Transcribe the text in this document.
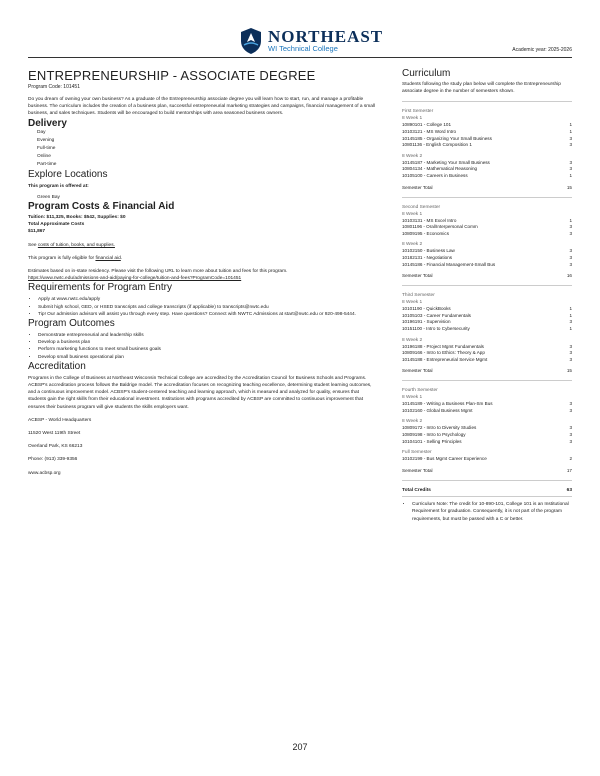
NORTHEAST
WI Technical College	Academic year: 2025-2026
ENTREPRENEURSHIP - ASSOCIATE DEGREE
Program Code: 101451

Do you dream of owning your own business? As a graduate of the Entrepreneurship associate degree you will learn how to start, run, and manage a profitable business. The curriculum includes the creation of a business plan, successful entrepreneurial marketing strategies and campaigns, financial management of a small business, and sales techniques. Students will be encouraged to build mentorships with area seasoned business owners.

Delivery
Day
Evening
Full-time
Online
Part-time
Explore Locations

This program is offered at:

Green Bay

Program Costs & Financial Aid

Tuition: $11,325, Books: $542, Supplies: $0

Total Approximate Costs

$11,867

See costs of tuition, books, and supplies.

This program is fully eligible for financial aid.

Estimates based on in-state residency. Please visit the following URL to learn more about tuition and fees for this program.

https://www.nwtc.edu/admissions-and-aid/paying-for-college/tuition-and-fees?ProgramCode=101451

Requirements for Program Entry
• Apply at www.nwtc.edu/apply
• Submit high school, GED, or HSED transcripts and college transcripts (if applicable) to transcripts@nwtc.edu
• Tip! Our admission advisors will assist you through every step. Have questions? Connect with NWTC Admissions at start@nwtc.edu or 920-498-5444.
Program Outcomes
• Demonstrate entrepreneurial and leadership skills
• Develop a business plan
• Perform marketing functions to meet small business goals
• Develop small business operational plan
Accreditation

Programs in the College of Business at Northeast Wisconsin Technical College are accredited by the Accreditation Council for Business Schools and Programs. ACBSP's accreditation process follows the Baldrige model. The accreditation focuses on recognizing teaching excellence, determining student learning outcomes, and a continuous improvement model. ACBSP's student-centered teaching and learning approach, which is measured and analyzed for quality, ensures that students gain the right skills from their educational investment. Institutions with programs accredited by ACBSP are committed to continuous improvement that ensures their business program will give students the skills employers want.

ACBSP - World Headquarters

11520 West 119th Street

Overland Park, KS 66213

Phone: (913) 339-9356

www.acbsp.org

Curriculum

Students following the study plan below will complete the Entrepreneurship associate degree in the number of semesters shown.

First Semester
8 Week 1
10890101 - College 101	1
10103121 - MS Word Intro	1
10145185 - Organizing Your Small Business	3
10801136 - English Composition 1	3
8 Week 2
10145187 - Marketing Your Small Business	3
10804134 - Mathematical Reasoning	3
10105100 - Careers in Business	1
Semester Total	15
Second Semester
8 Week 1
10103131 - MS Excel Intro	1
10801196 - Oral/Interpersonal Comm	3
10809195 - Economics	3
8 Week 2
10102150 - Business Law	3
10182131 - Negotiations	3
10145186 - Financial Management-Small Bus	3
Semester Total	16
Third Semester
8 Week 1
10101190 - QuickBooks	1
10105103 - Career Fundamentals	1
10196191 - Supervision	3
10151100 - Intro to Cybersecurity	1
8 Week 2
10196188 - Project Mgmt Fundamentals	3
10809166 - Intro to Ethics: Theory & App	3
10145188 - Entrepreneurial Service Mgmt	3
Semester Total	15
Fourth Semester
8 Week 1
10145189 - Writing a Business Plan-Sm Bus	3
10102160 - Global Business Mgmt	3
8 Week 2
10809172 - Intro to Diversity Studies	3
10809198 - Intro to Psychology	3
10104101 - Selling Principles	3
Full Semester
10102199 - Bus Mgmt Career Experience	2
Semester Total	17
Total Credits	63
• Curriculum Note: The credit for 10-890-101, College 101 is an Institutional Requirement for graduation. Consequently, it is not part of the program requirements, but must be passed with a C or better.
207
